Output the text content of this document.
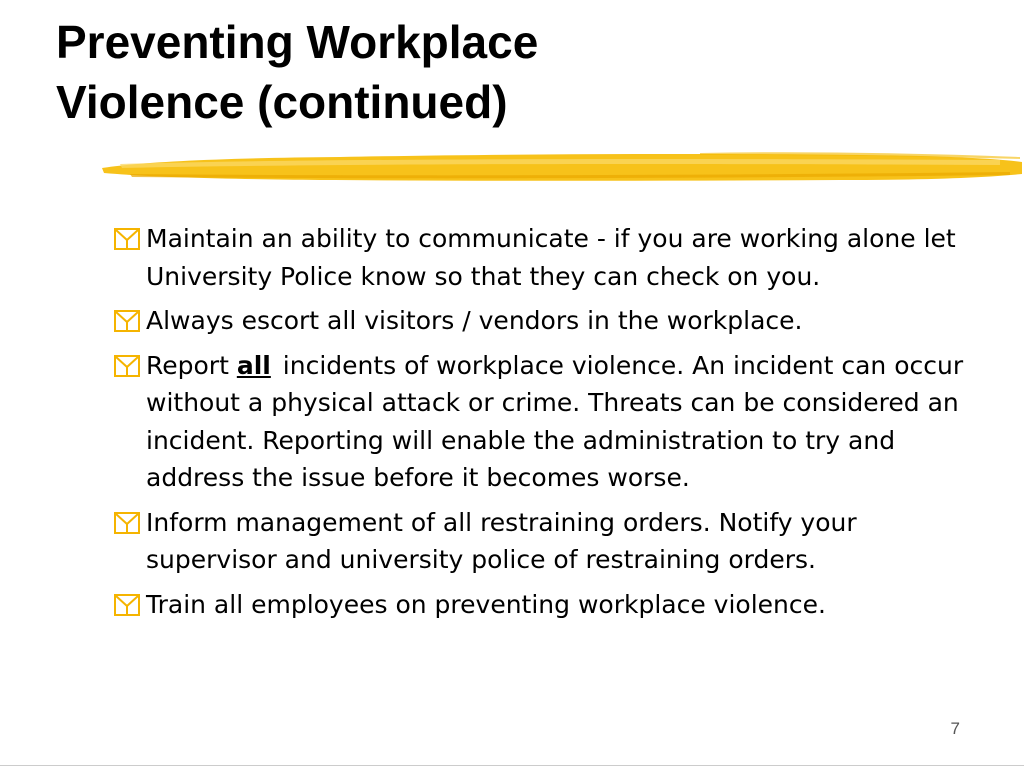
Preventing Workplace
Violence (continued)
Maintain an ability to communicate - if you are working alone let University Police know so that they can check on you.
Always escort all visitors / vendors in the workplace.
Report all incidents of workplace violence. An incident can occur without a physical attack or crime. Threats can be considered an incident. Reporting will enable the administration to try and address the issue before it becomes worse.
Inform management of all restraining orders. Notify your supervisor and university police of restraining orders.
Train all employees on preventing workplace violence.
7
